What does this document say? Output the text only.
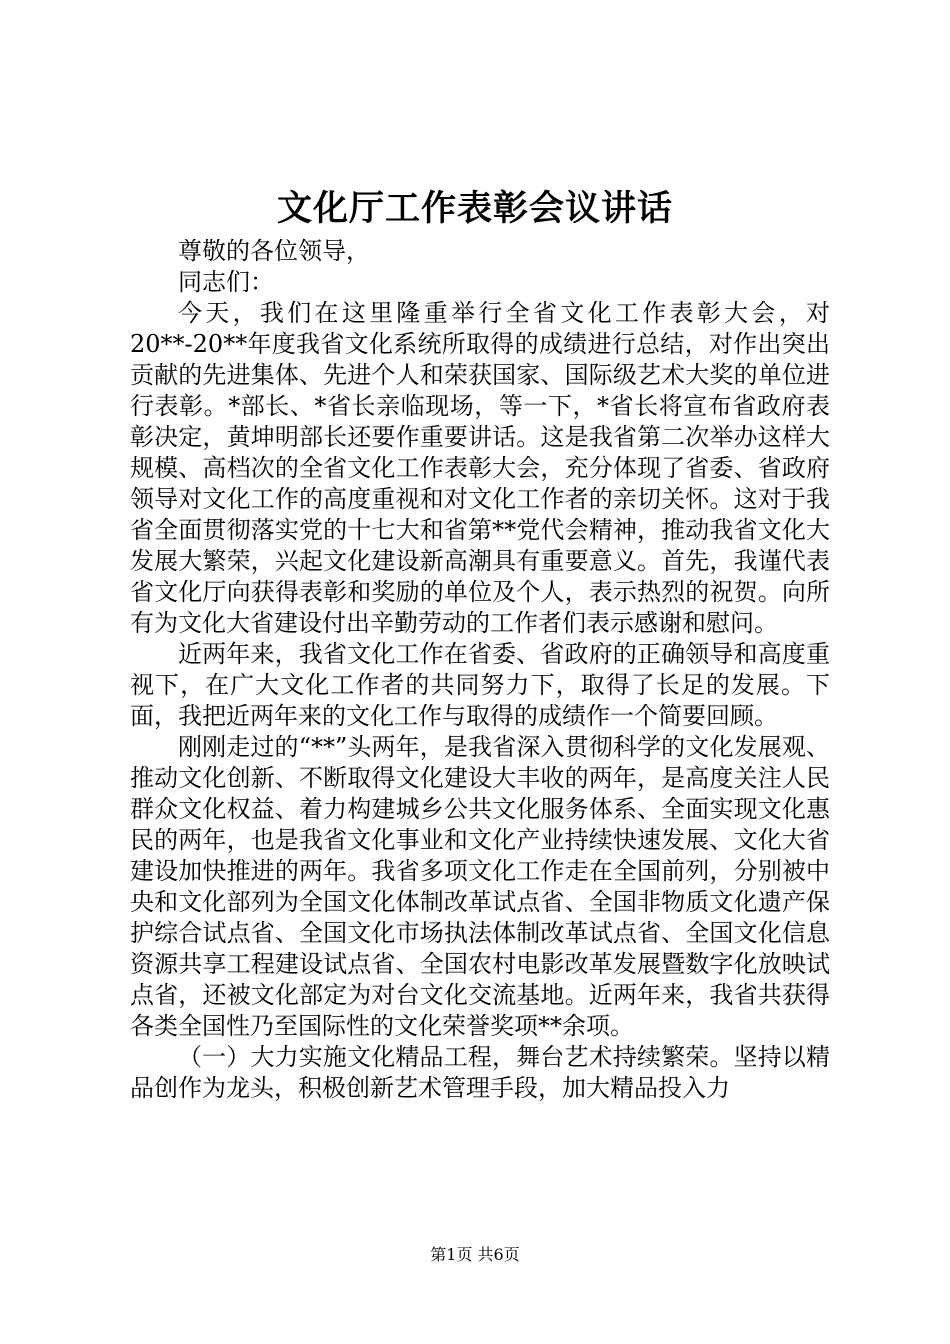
文化厅工作表彰会议讲话

尊敬的各位领导，

同志们：

今天，我们在这里隆重举行全省文化工作表彰大会，对20**-20**年度我省文化系统所取得的成绩进行总结，对作出突出贡献的先进集体、先进个人和荣获国家、国际级艺术大奖的单位进行表彰。*部长、*省长亲临现场，等一下，*省长将宣布省政府表彰决定，黄坤明部长还要作重要讲话。这是我省第二次举办这样大规模、高档次的全省文化工作表彰大会，充分体现了省委、省政府领导对文化工作的高度重视和对文化工作者的亲切关怀。这对于我省全面贯彻落实党的十七大和省第**党代会精神，推动我省文化大发展大繁荣，兴起文化建设新高潮具有重要意义。首先，我谨代表省文化厅向获得表彰和奖励的单位及个人，表示热烈的祝贺。向所有为文化大省建设付出辛勤劳动的工作者们表示感谢和慰问。

近两年来，我省文化工作在省委、省政府的正确领导和高度重视下，在广大文化工作者的共同努力下，取得了长足的发展。下面，我把近两年来的文化工作与取得的成绩作一个简要回顾。

刚刚走过的“**”头两年，是我省深入贯彻科学的文化发展观、推动文化创新、不断取得文化建设大丰收的两年，是高度关注人民群众文化权益、着力构建城乡公共文化服务体系、全面实现文化惠民的两年，也是我省文化事业和文化产业持续快速发展、文化大省建设加快推进的两年。我省多项文化工作走在全国前列，分别被中央和文化部列为全国文化体制改革试点省、全国非物质文化遗产保护综合试点省、全国文化市场执法体制改革试点省、全国文化信息资源共享工程建设试点省、全国农村电影改革发展暨数字化放映试点省，还被文化部定为对台文化交流基地。近两年来，我省共获得各类全国性乃至国际性的文化荣誉奖项**余项。

（一）大力实施文化精品工程，舞台艺术持续繁荣。坚持以精品创作为龙头，积极创新艺术管理手段，加大精品投入力

第1页 共6页
